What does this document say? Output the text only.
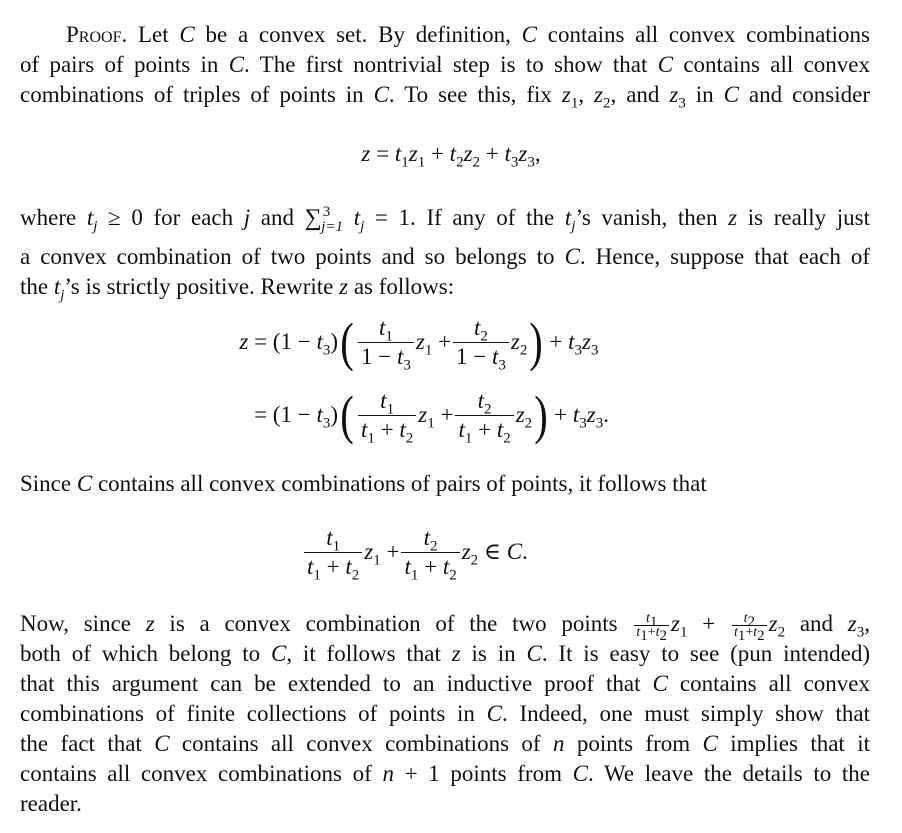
Proof. Let C be a convex set. By definition, C contains all convex combinations
of pairs of points in C. The first nontrivial step is to show that C contains all convex
combinations of triples of points in C. To see this, fix $z_1$, $z_2$, and $z_3$ in C and consider
$z = t_1z_1 + t_2z_2 + t_3z_3$,
where $t_j \ge 0$ for each j and ∑$^3_{j=1}$ $t_j = 1$. If any of the $t_j’s$ vanish, then z is really just
a convex combination of two points and so belongs to C. Hence, suppose that each of
the $t_j’s$ is strictly positive. Rewrite z as follows:
$z = (1 - t_3)$ ( $\frac{t_1}{1 - t_3} z_1 + \frac{t_2}{1 - t_3} z_2$ ) + $t_3z_3$
= $(1 - t_3)$ ( $\frac{t_1}{t_1 + t_2} z_1 + \frac{t_2}{t_1 + t_2} z_2$ ) + $t_3z_3$.
Since C contains all convex combinations of pairs of points, it follows that
$\frac{t_1}{t_1 + t_2} z_1 + \frac{t_2}{t_1 + t_2} z_2$ ∈ C.
Now, since z is a convex combination of the two points $\frac{t_1}{t_1+t_2} z_1 + \frac{t_2}{t_1+t_2} z_2$ and $z_3$,
both of which belong to C, it follows that z is in C. It is easy to see (pun intended)
that this argument can be extended to an inductive proof that C contains all convex
combinations of finite collections of points in C. Indeed, one must simply show that
the fact that C contains all convex combinations of n points from C implies that it
contains all convex combinations of n + 1 points from C. We leave the details to the
reader.
